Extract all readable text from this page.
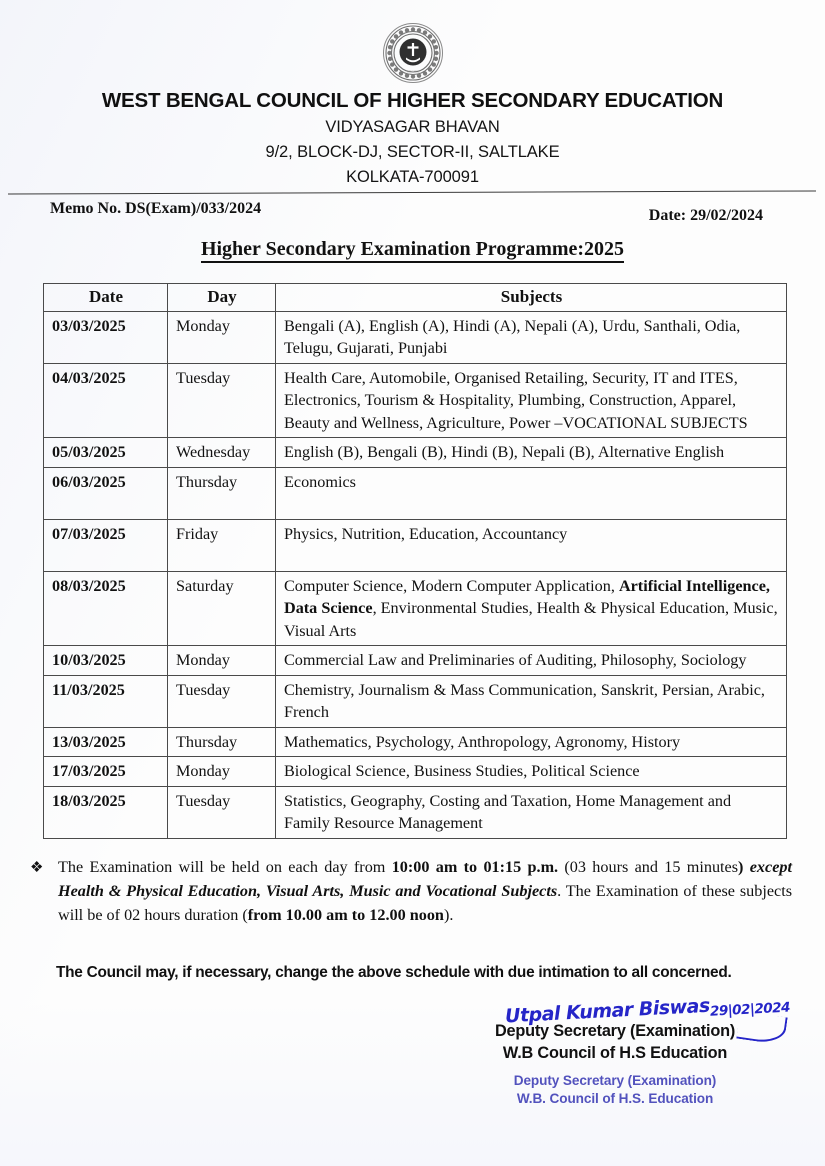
WBCHSE
WEST BENGAL COUNCIL OF HIGHER SECONDARY EDUCATION
VIDYASAGAR BHAVAN
9/2, BLOCK-DJ, SECTOR-II, SALTLAKE
KOLKATA-700091
Memo No. DS(Exam)/033/2024	Date: 29/02/2024
Higher Secondary Examination Programme:2025
Date	Day	Subjects
03/03/2025	Monday	Bengali (A), English (A), Hindi (A), Nepali (A), Urdu, Santhali, Odia, Telugu, Gujarati, Punjabi
04/03/2025	Tuesday	Health Care, Automobile, Organised Retailing, Security, IT and ITES, Electronics, Tourism & Hospitality, Plumbing, Construction, Apparel, Beauty and Wellness, Agriculture, Power –VOCATIONAL SUBJECTS
05/03/2025	Wednesday	English (B), Bengali (B), Hindi (B), Nepali (B), Alternative English
06/03/2025	Thursday	Economics

07/03/2025	Friday	Physics, Nutrition, Education, Accountancy

08/03/2025	Saturday	Computer Science, Modern Computer Application, Artificial Intelligence, Data Science, Environmental Studies, Health & Physical Education, Music, Visual Arts
10/03/2025	Monday	Commercial Law and Preliminaries of Auditing, Philosophy, Sociology
11/03/2025	Tuesday	Chemistry, Journalism & Mass Communication, Sanskrit, Persian, Arabic, French
13/03/2025	Thursday	Mathematics, Psychology, Anthropology, Agronomy, History
17/03/2025	Monday	Biological Science, Business Studies, Political Science
18/03/2025	Tuesday	Statistics, Geography, Costing and Taxation, Home Management and Family Resource Management
❖ The Examination will be held on each day from 10:00 am to 01:15 p.m. (03 hours and 15 minutes) except Health & Physical Education, Visual Arts, Music and Vocational Subjects. The Examination of these subjects will be of 02 hours duration (from 10.00 am to 12.00 noon).
The Council may, if necessary, change the above schedule with due intimation to all concerned.
Utpal Kumar Biswas$_{29|02|2024}$
Deputy Secretary (Examination)
W.B Council of H.S Education
Deputy Secretary (Examination)
W.B. Council of H.S. Education
